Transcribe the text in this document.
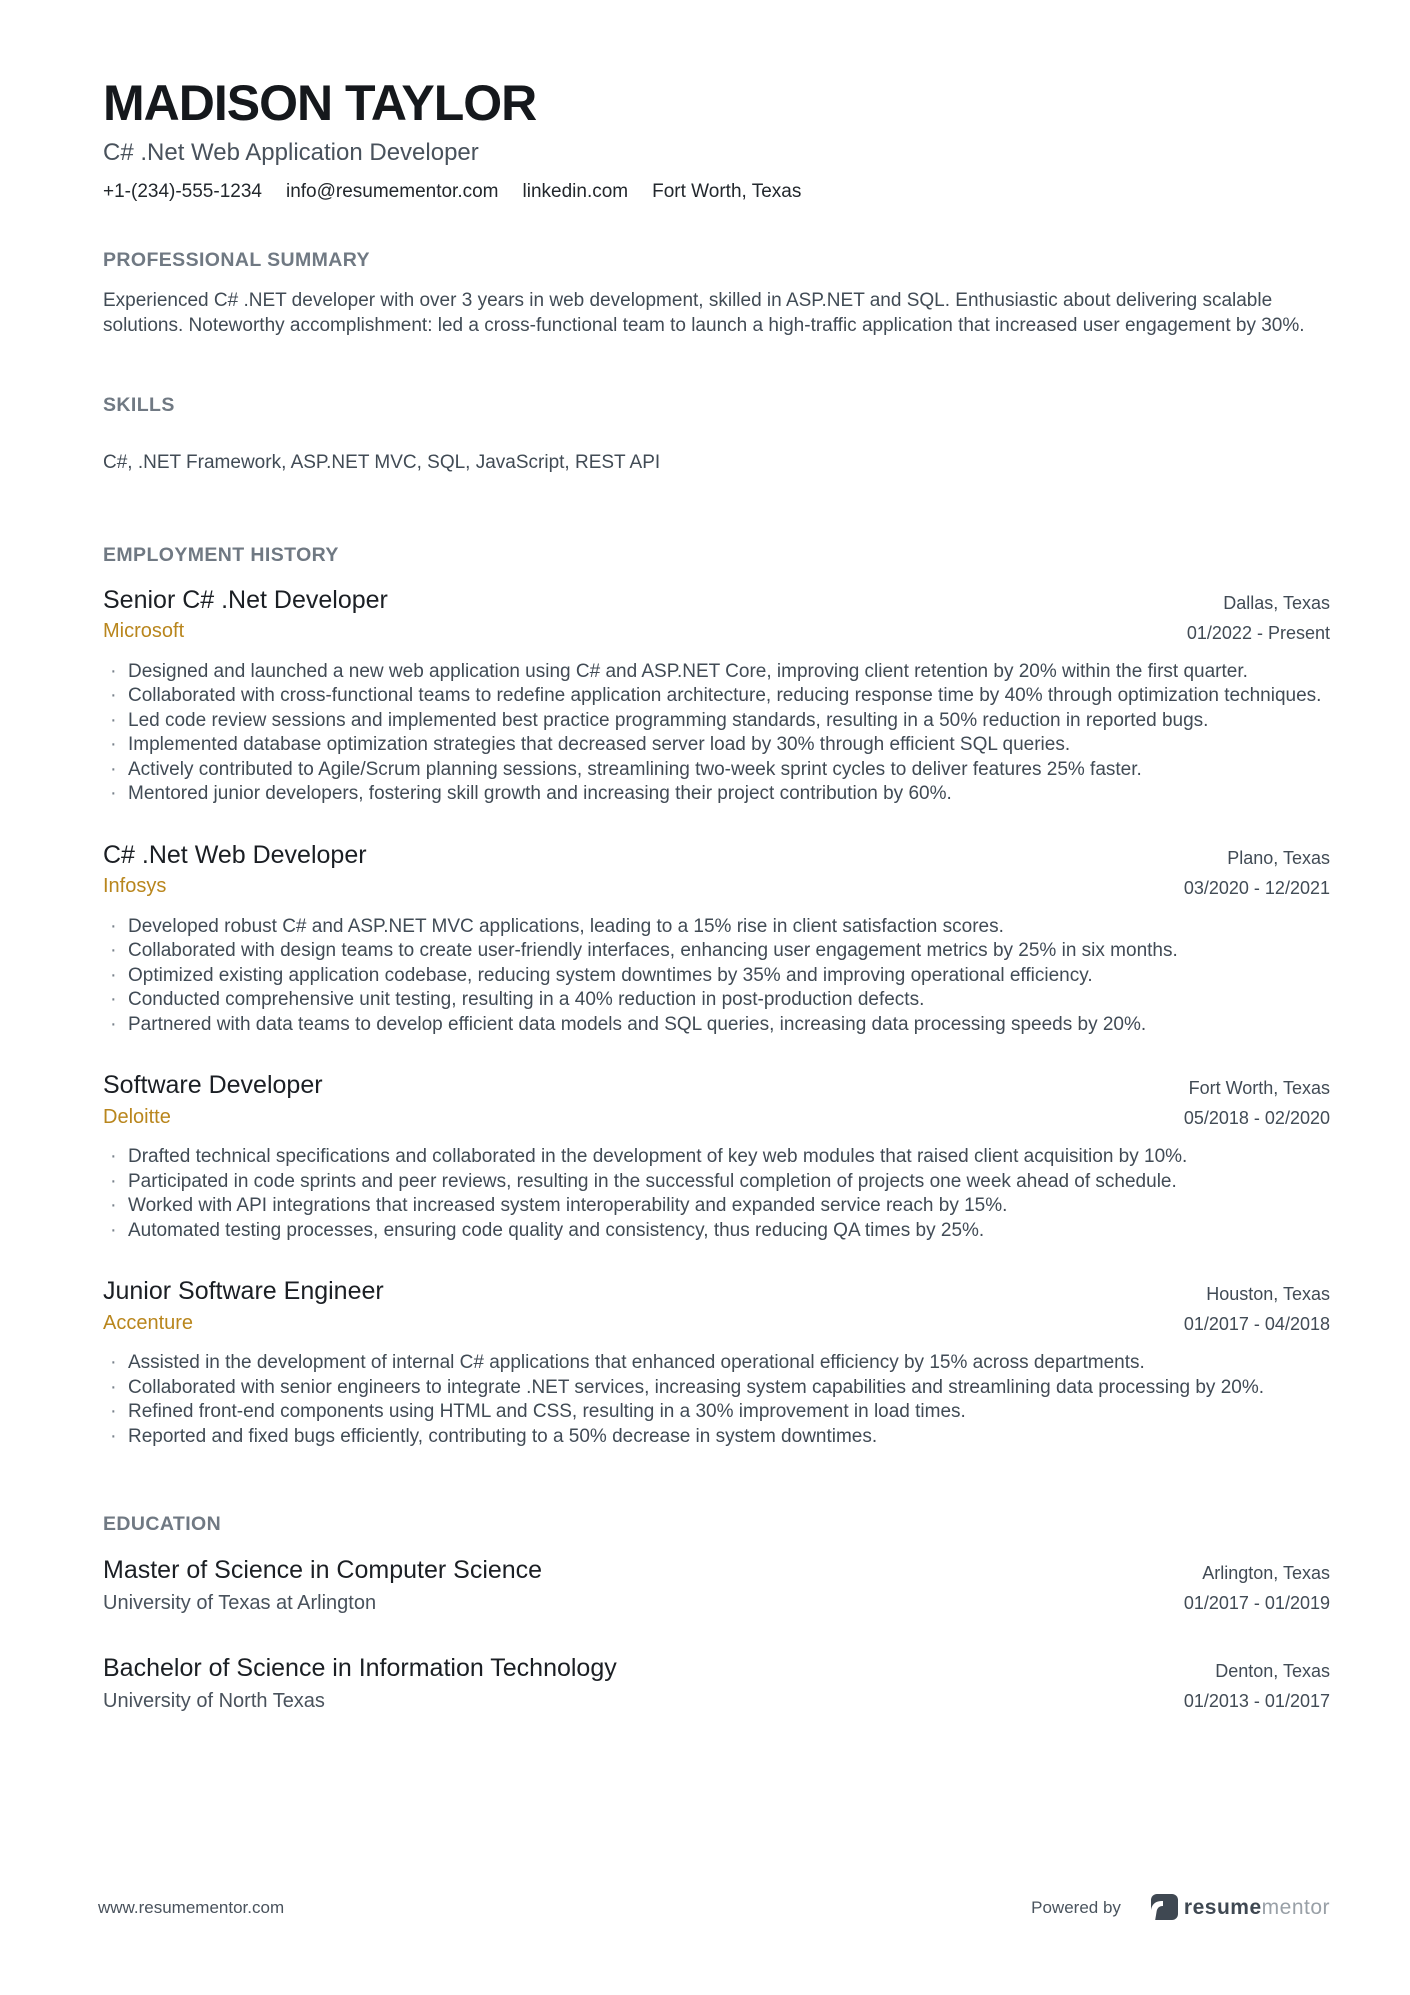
MADISON TAYLOR
C# .Net Web Application Developer
+1-(234)-555-1234 info@resumementor.com linkedin.com Fort Worth, Texas
PROFESSIONAL SUMMARY

Experienced C# .NET developer with over 3 years in web development, skilled in ASP.NET and SQL. Enthusiastic about delivering scalable solutions. Noteworthy accomplishment: led a cross-functional team to launch a high-traffic application that increased user engagement by 30%.

SKILLS

C#, .NET Framework, ASP.NET MVC, SQL, JavaScript, REST API

EMPLOYMENT HISTORY
Senior C# .Net Developer
Microsoft
Dallas, Texas
01/2022 - Present
· Designed and launched a new web application using C# and ASP.NET Core, improving client retention by 20% within the first quarter.
· Collaborated with cross-functional teams to redefine application architecture, reducing response time by 40% through optimization techniques.
· Led code review sessions and implemented best practice programming standards, resulting in a 50% reduction in reported bugs.
· Implemented database optimization strategies that decreased server load by 30% through efficient SQL queries.
· Actively contributed to Agile/Scrum planning sessions, streamlining two-week sprint cycles to deliver features 25% faster.
· Mentored junior developers, fostering skill growth and increasing their project contribution by 60%.
C# .Net Web Developer
Infosys
Plano, Texas
03/2020 - 12/2021
· Developed robust C# and ASP.NET MVC applications, leading to a 15% rise in client satisfaction scores.
· Collaborated with design teams to create user-friendly interfaces, enhancing user engagement metrics by 25% in six months.
· Optimized existing application codebase, reducing system downtimes by 35% and improving operational efficiency.
· Conducted comprehensive unit testing, resulting in a 40% reduction in post-production defects.
· Partnered with data teams to develop efficient data models and SQL queries, increasing data processing speeds by 20%.
Software Developer
Deloitte
Fort Worth, Texas
05/2018 - 02/2020
· Drafted technical specifications and collaborated in the development of key web modules that raised client acquisition by 10%.
· Participated in code sprints and peer reviews, resulting in the successful completion of projects one week ahead of schedule.
· Worked with API integrations that increased system interoperability and expanded service reach by 15%.
· Automated testing processes, ensuring code quality and consistency, thus reducing QA times by 25%.
Junior Software Engineer
Accenture
Houston, Texas
01/2017 - 04/2018
· Assisted in the development of internal C# applications that enhanced operational efficiency by 15% across departments.
· Collaborated with senior engineers to integrate .NET services, increasing system capabilities and streamlining data processing by 20%.
· Refined front-end components using HTML and CSS, resulting in a 30% improvement in load times.
· Reported and fixed bugs efficiently, contributing to a 50% decrease in system downtimes.
EDUCATION
Master of Science in Computer Science
University of Texas at Arlington
Arlington, Texas
01/2017 - 01/2019
Bachelor of Science in Information Technology
University of North Texas
Denton, Texas
01/2013 - 01/2017
www.resumementor.com	Powered by	resumementor
